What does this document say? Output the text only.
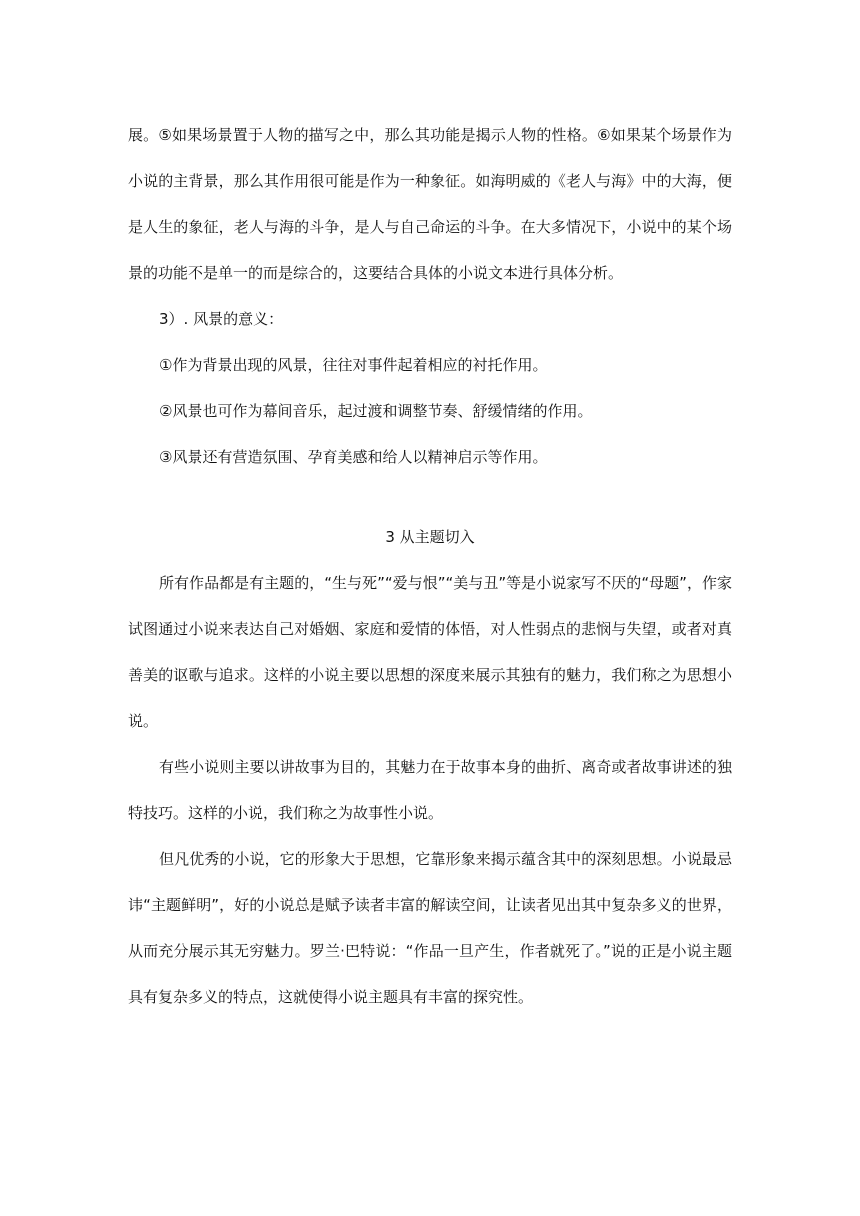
展。⑤如果场景置于人物的描写之中，那么其功能是揭示人物的性格。⑥如果某个场景作为小说的主背景，那么其作用很可能是作为一种象征。如海明威的《老人与海》中的大海，便是人生的象征，老人与海的斗争，是人与自己命运的斗争。在大多情况下，小说中的某个场景的功能不是单一的而是综合的，这要结合具体的小说文本进行具体分析。

3）. 风景的意义：

①作为背景出现的风景，往往对事件起着相应的衬托作用。

②风景也可作为幕间音乐，起过渡和调整节奏、舒缓情绪的作用。

③风景还有营造氛围、孕育美感和给人以精神启示等作用。

3 从主题切入

所有作品都是有主题的，“生与死”“爱与恨”“美与丑”等是小说家写不厌的“母题”，作家试图通过小说来表达自己对婚姻、家庭和爱情的体悟，对人性弱点的悲悯与失望，或者对真善美的讴歌与追求。这样的小说主要以思想的深度来展示其独有的魅力，我们称之为思想小说。

有些小说则主要以讲故事为目的，其魅力在于故事本身的曲折、离奇或者故事讲述的独特技巧。这样的小说，我们称之为故事性小说。

但凡优秀的小说，它的形象大于思想，它靠形象来揭示蕴含其中的深刻思想。小说最忌讳“主题鲜明”，好的小说总是赋予读者丰富的解读空间，让读者见出其中复杂多义的世界，从而充分展示其无穷魅力。罗兰·巴特说：“作品一旦产生，作者就死了。”说的正是小说主题具有复杂多义的特点，这就使得小说主题具有丰富的探究性。
